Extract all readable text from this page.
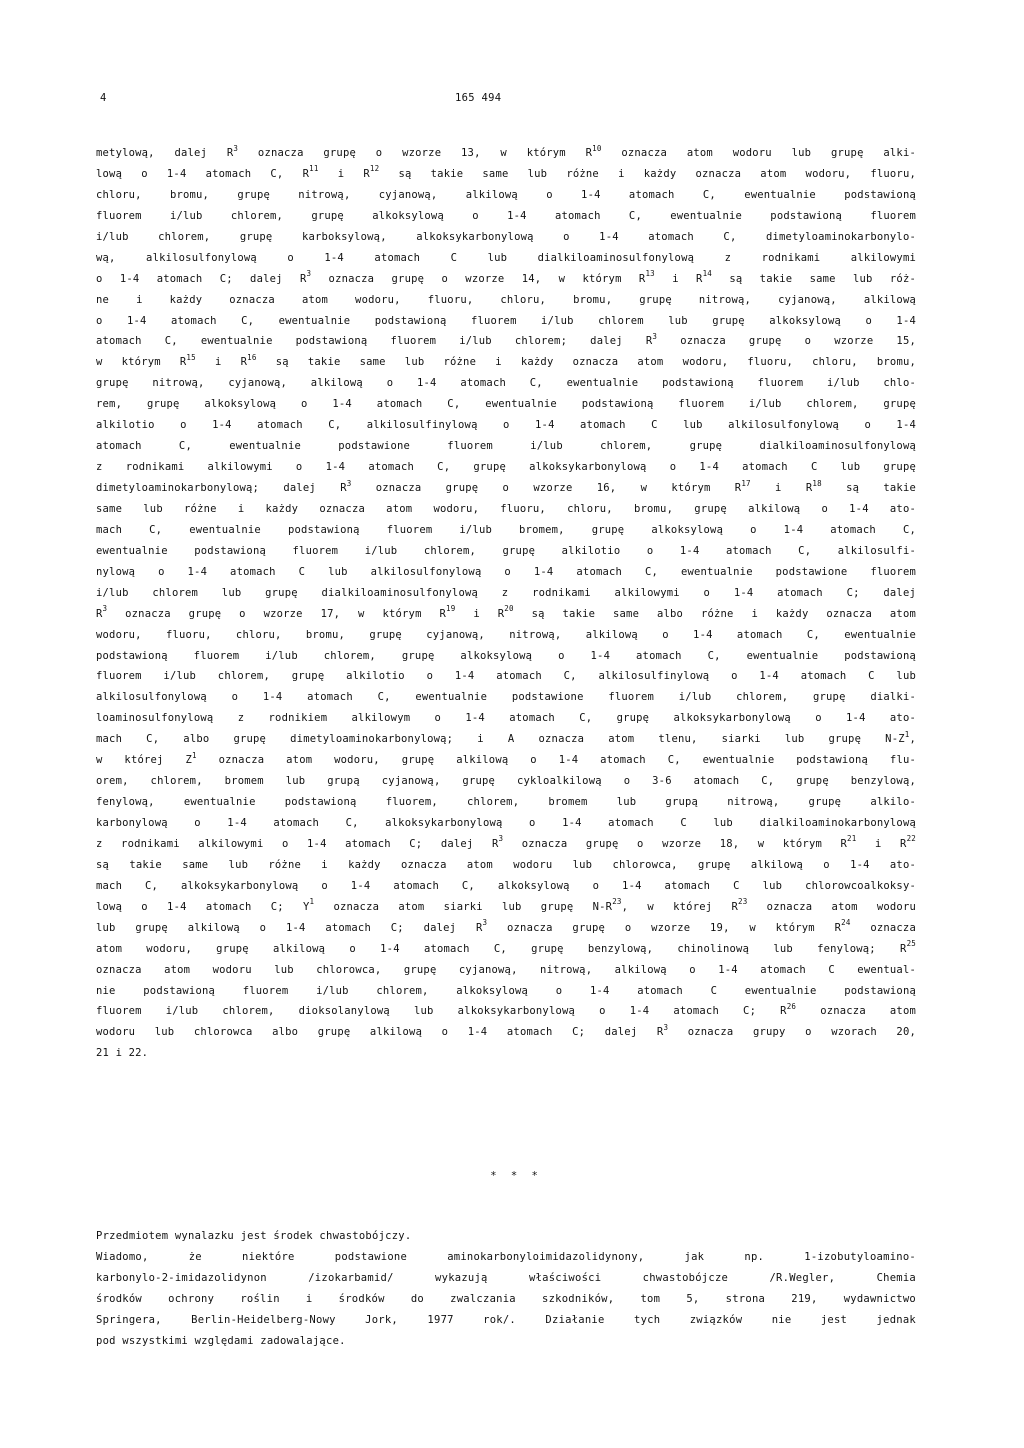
4	165 494
metylową, dalej $R^3$ oznacza grupę o wzorze 13, w którym $R^{10}$ oznacza atom wodoru lub grupę alki-
lową o 1-4 atomach C, $R^{11}$ i $R^{12}$ są takie same lub różne i każdy oznacza atom wodoru, fluoru,
chloru, bromu, grupę nitrową, cyjanową, alkilową o 1-4 atomach C, ewentualnie podstawioną
fluorem i/lub chlorem, grupę alkoksylową o 1-4 atomach C, ewentualnie podstawioną fluorem
i/lub chlorem, grupę karboksylową, alkoksykarbonylową o 1-4 atomach C, dimetyloaminokarbonylo-
wą, alkilosulfonylową o 1-4 atomach C lub dialkiloaminosulfonylową z rodnikami alkilowymi
o 1-4 atomach C; dalej $R^3$ oznacza grupę o wzorze 14, w którym $R^{13}$ i $R^{14}$ są takie same lub róż-
ne i każdy oznacza atom wodoru, fluoru, chloru, bromu, grupę nitrową, cyjanową, alkilową
o 1-4 atomach C, ewentualnie podstawioną fluorem i/lub chlorem lub grupę alkoksylową o 1-4
atomach C, ewentualnie podstawioną fluorem i/lub chlorem; dalej $R^3$ oznacza grupę o wzorze 15,
w którym $R^{15}$ i $R^{16}$ są takie same lub różne i każdy oznacza atom wodoru, fluoru, chloru, bromu,
grupę nitrową, cyjanową, alkilową o 1-4 atomach C, ewentualnie podstawioną fluorem i/lub chlo-
rem, grupę alkoksylową o 1-4 atomach C, ewentualnie podstawioną fluorem i/lub chlorem, grupę
alkilotio o 1-4 atomach C, alkilosulfinylową o 1-4 atomach C lub alkilosulfonylową o 1-4
atomach C, ewentualnie podstawione fluorem i/lub chlorem, grupę dialkiloaminosulfonylową
z rodnikami alkilowymi o 1-4 atomach C, grupę alkoksykarbonylową o 1-4 atomach C lub grupę
dimetyloaminokarbonylową; dalej $R^3$ oznacza grupę o wzorze 16, w którym $R^{17}$ i $R^{18}$ są takie
same lub różne i każdy oznacza atom wodoru, fluoru, chloru, bromu, grupę alkilową o 1-4 ato-
mach C, ewentualnie podstawioną fluorem i/lub bromem, grupę alkoksylową o 1-4 atomach C,
ewentualnie podstawioną fluorem i/lub chlorem, grupę alkilotio o 1-4 atomach C, alkilosulfi-
nylową o 1-4 atomach C lub alkilosulfonylową o 1-4 atomach C, ewentualnie podstawione fluorem
i/lub chlorem lub grupę dialkiloaminosulfonylową z rodnikami alkilowymi o 1-4 atomach C; dalej
$R^3$ oznacza grupę o wzorze 17, w którym $R^{19}$ i $R^{20}$ są takie same albo różne i każdy oznacza atom
wodoru, fluoru, chloru, bromu, grupę cyjanową, nitrową, alkilową o 1-4 atomach C, ewentualnie
podstawioną fluorem i/lub chlorem, grupę alkoksylową o 1-4 atomach C, ewentualnie podstawioną
fluorem i/lub chlorem, grupę alkilotio o 1-4 atomach C, alkilosulfinylową o 1-4 atomach C lub
alkilosulfonylową o 1-4 atomach C, ewentualnie podstawione fluorem i/lub chlorem, grupę dialki-
loaminosulfonylową z rodnikiem alkilowym o 1-4 atomach C, grupę alkoksykarbonylową o 1-4 ato-
mach C, albo grupę dimetyloaminokarbonylową; i A oznacza atom tlenu, siarki lub grupę $N-Z^1$,
w której $Z^1$ oznacza atom wodoru, grupę alkilową o 1-4 atomach C, ewentualnie podstawioną flu-
orem, chlorem, bromem lub grupą cyjanową, grupę cykloalkilową o 3-6 atomach C, grupę benzylową,
fenylową, ewentualnie podstawioną fluorem, chlorem, bromem lub grupą nitrową, grupę alkilo-
karbonylową o 1-4 atomach C, alkoksykarbonylową o 1-4 atomach C lub dialkiloaminokarbonylową
z rodnikami alkilowymi o 1-4 atomach C; dalej $R^3$ oznacza grupę o wzorze 18, w którym $R^{21}$ i $R^{22}$
są takie same lub różne i każdy oznacza atom wodoru lub chlorowca, grupę alkilową o 1-4 ato-
mach C, alkoksykarbonylową o 1-4 atomach C, alkoksylową o 1-4 atomach C lub chlorowcoalkoksy-
lową o 1-4 atomach C; $Y^1$ oznacza atom siarki lub grupę $N-R^{23}$, w której $R^{23}$ oznacza atom wodoru
lub grupę alkilową o 1-4 atomach C; dalej $R^3$ oznacza grupę o wzorze 19, w którym $R^{24}$ oznacza
atom wodoru, grupę alkilową o 1-4 atomach C, grupę benzylową, chinolinową lub fenylową; $R^{25}$
oznacza atom wodoru lub chlorowca, grupę cyjanową, nitrową, alkilową o 1-4 atomach C ewentual-
nie podstawioną fluorem i/lub chlorem, alkoksylową o 1-4 atomach C ewentualnie podstawioną
fluorem i/lub chlorem, dioksolanylową lub alkoksykarbonylową o 1-4 atomach C; $R^{26}$ oznacza atom
wodoru lub chlorowca albo grupę alkilową o 1-4 atomach C; dalej $R^3$ oznacza grupy o wzorach 20,
21 i 22.
* * *
Przedmiotem wynalazku jest środek chwastobójczy.
Wiadomo, że niektóre podstawione aminokarbonyloimidazolidynony, jak np. 1-izobutyloamino-
karbonylo-2-imidazolidynon /izokarbamid/ wykazują właściwości chwastobójcze /R.Wegler, Chemia
środków ochrony roślin i środków do zwalczania szkodników, tom 5, strona 219, wydawnictwo
Springera, Berlin-Heidelberg-Nowy Jork, 1977 rok/. Działanie tych związków nie jest jednak
pod wszystkimi względami zadowalające.
